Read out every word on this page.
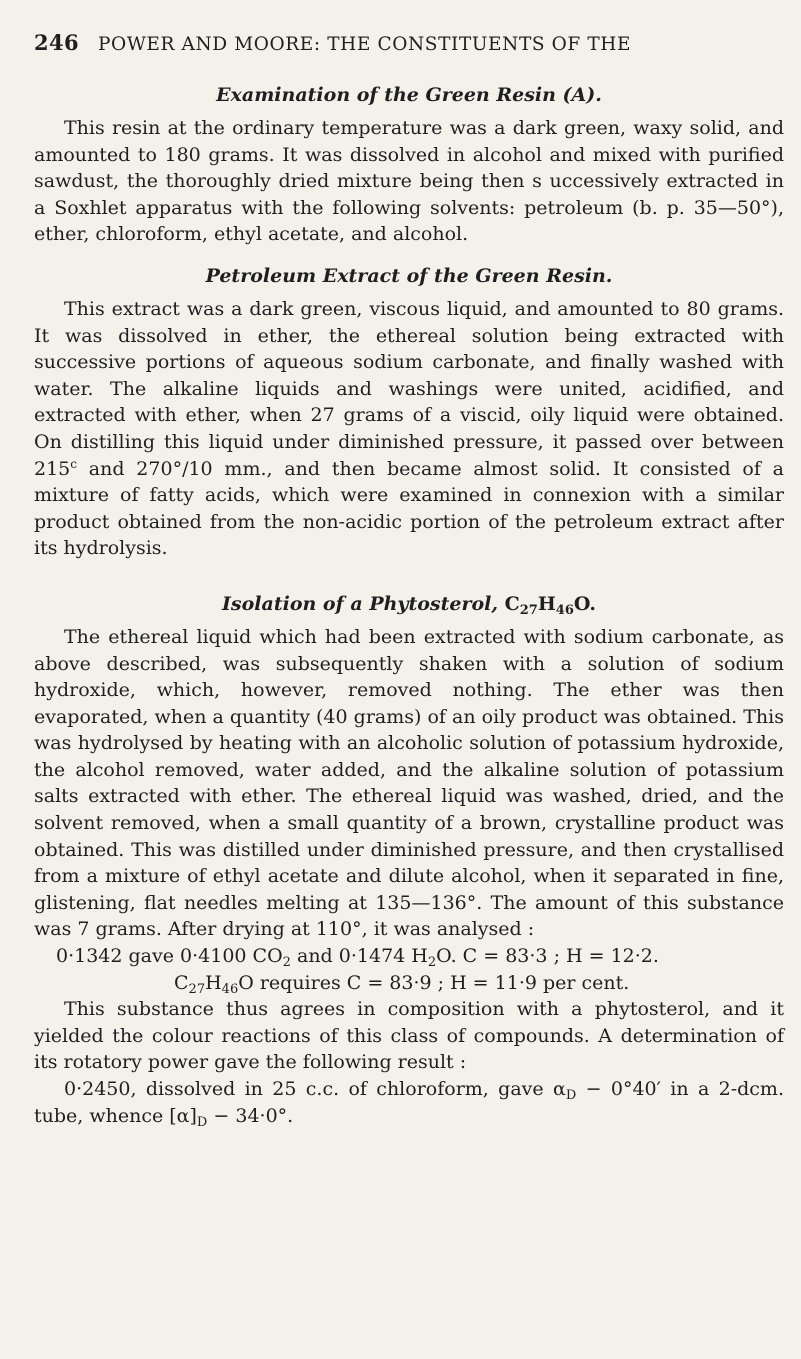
246	POWER AND MOORE: THE CONSTITUENTS OF THE
Examination of the Green Resin (A).

This resin at the ordinary temperature was a dark green, waxy solid, and amounted to 180 grams. It was dissolved in alcohol and mixed with purified sawdust, the thoroughly dried mixture being then s uccessively extracted in a Soxhlet apparatus with the following solvents: petroleum (b. p. 35—50°), ether, chloroform, ethyl acetate, and alcohol.

Petroleum Extract of the Green Resin.

This extract was a dark green, viscous liquid, and amounted to 80 grams. It was dissolved in ether, the ethereal solution being extracted with successive portions of aqueous sodium carbonate, and finally washed with water. The alkaline liquids and washings were united, acidified, and extracted with ether, when 27 grams of a viscid, oily liquid were obtained. On distilling this liquid under diminished pressure, it passed over between 215$^c$ and 270°/10 mm., and then became almost solid. It consisted of a mixture of fatty acids, which were examined in connexion with a similar product obtained from the non-acidic portion of the petroleum extract after its hydrolysis.

Isolation of a Phytosterol, $C_{27}H_{46}O$.

The ethereal liquid which had been extracted with sodium carbonate, as above described, was subsequently shaken with a solution of sodium hydroxide, which, however, removed nothing. The ether was then evaporated, when a quantity (40 grams) of an oily product was obtained. This was hydrolysed by heating with an alcoholic solution of potassium hydroxide, the alcohol removed, water added, and the alkaline solution of potassium salts extracted with ether. The ethereal liquid was washed, dried, and the solvent removed, when a small quantity of a brown, crystalline product was obtained. This was distilled under diminished pressure, and then crystallised from a mixture of ethyl acetate and dilute alcohol, when it separated in fine, glistening, flat needles melting at 135—136°. The amount of this substance was 7 grams. After drying at 110°, it was analysed :

0·1342 gave 0·4100 $CO_2$ and 0·1474 $H_2O$. C = 83·3 ; H = 12·2.

$C_{27}H_{46}O$ requires C = 83·9 ; H = 11·9 per cent.

This substance thus agrees in composition with a phytosterol, and it yielded the colour reactions of this class of compounds. A determination of its rotatory power gave the following result :

0·2450, dissolved in 25 c.c. of chloroform, gave $\alpha_D - 0^\circ 40'$ in a 2-dcm. tube, whence $[\alpha]_D - 34\cdot 0^\circ$.
